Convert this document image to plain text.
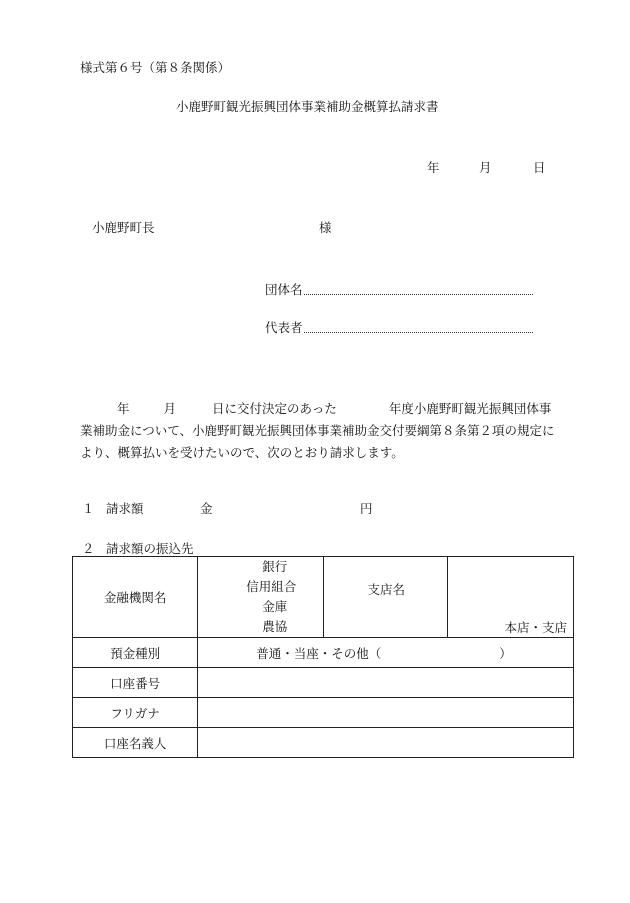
様式第６号（第８条関係）
小鹿野町観光振興団体事業補助金概算払請求書
年	月	日
小鹿野町長	様
団体名
代表者
年	月	日に交付決定のあった	年度小鹿野町観光振興団体事業補助金について、小鹿野町観光振興団体事業補助金交付要綱第８条第２項の規定により、概算払いを受けたいので、次のとおり請求します。
１ 請求額	金	円
２ 請求額の振込先
金融機関名	銀行
信用組合
金庫
農協	支店名	本店・支店

預金種別	普通・当座・その他（ ）		
口座番号			
フリガナ			
口座名義人			
